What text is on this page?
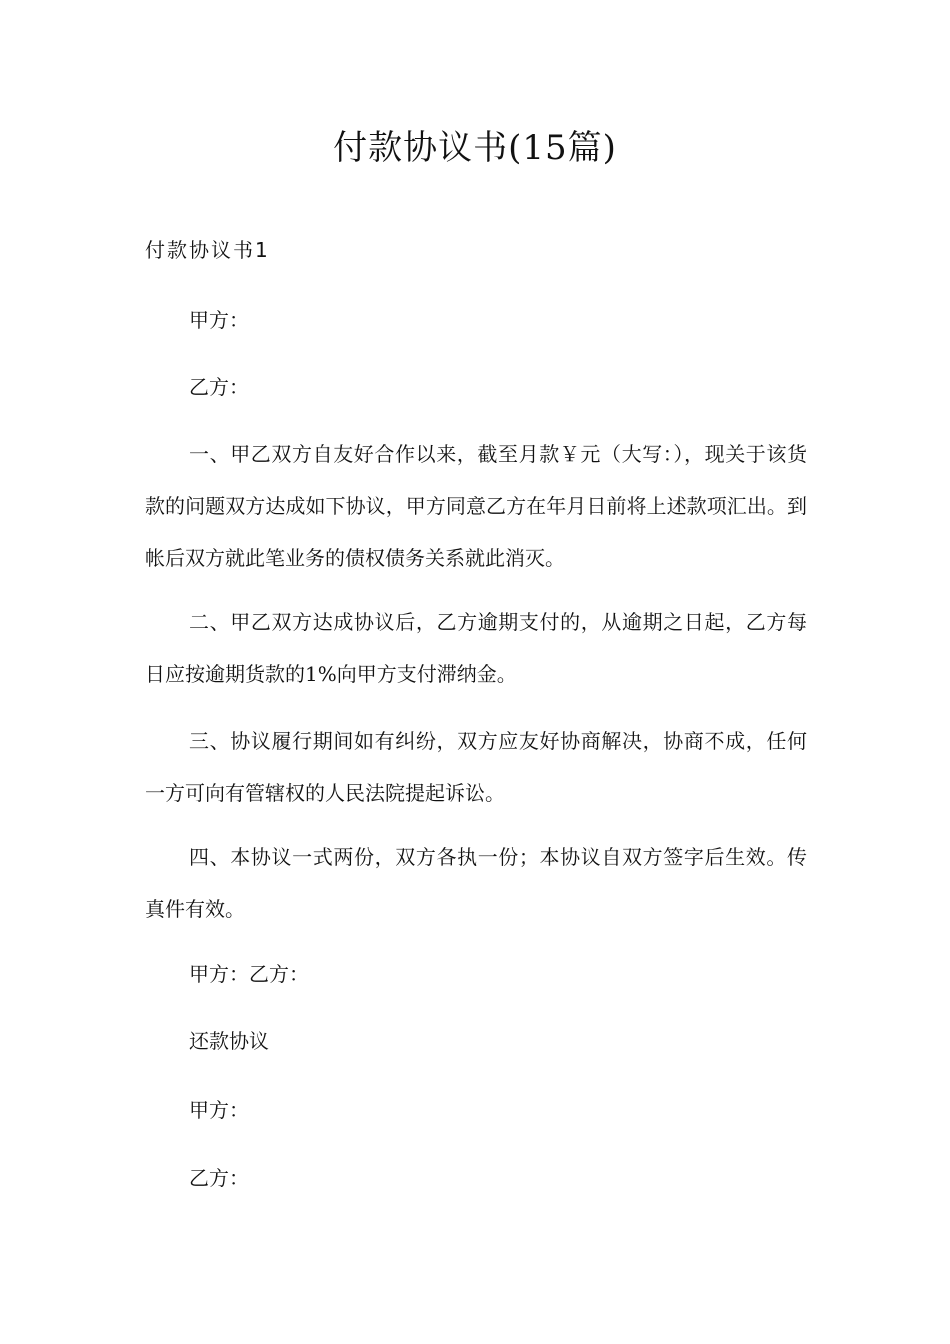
付款协议书(15篇)
付款协议书1

甲方：

乙方：

一、甲乙双方自友好合作以来，截至月款￥元（大写：），现关于该货款的问题双方达成如下协议，甲方同意乙方在年月日前将上述款项汇出。到帐后双方就此笔业务的债权债务关系就此消灭。

二、甲乙双方达成协议后，乙方逾期支付的，从逾期之日起，乙方每日应按逾期货款的1%向甲方支付滞纳金。

三、协议履行期间如有纠纷，双方应友好协商解决，协商不成，任何一方可向有管辖权的人民法院提起诉讼。

四、本协议一式两份，双方各执一份；本协议自双方签字后生效。传真件有效。

甲方：乙方：

还款协议

甲方：

乙方：
